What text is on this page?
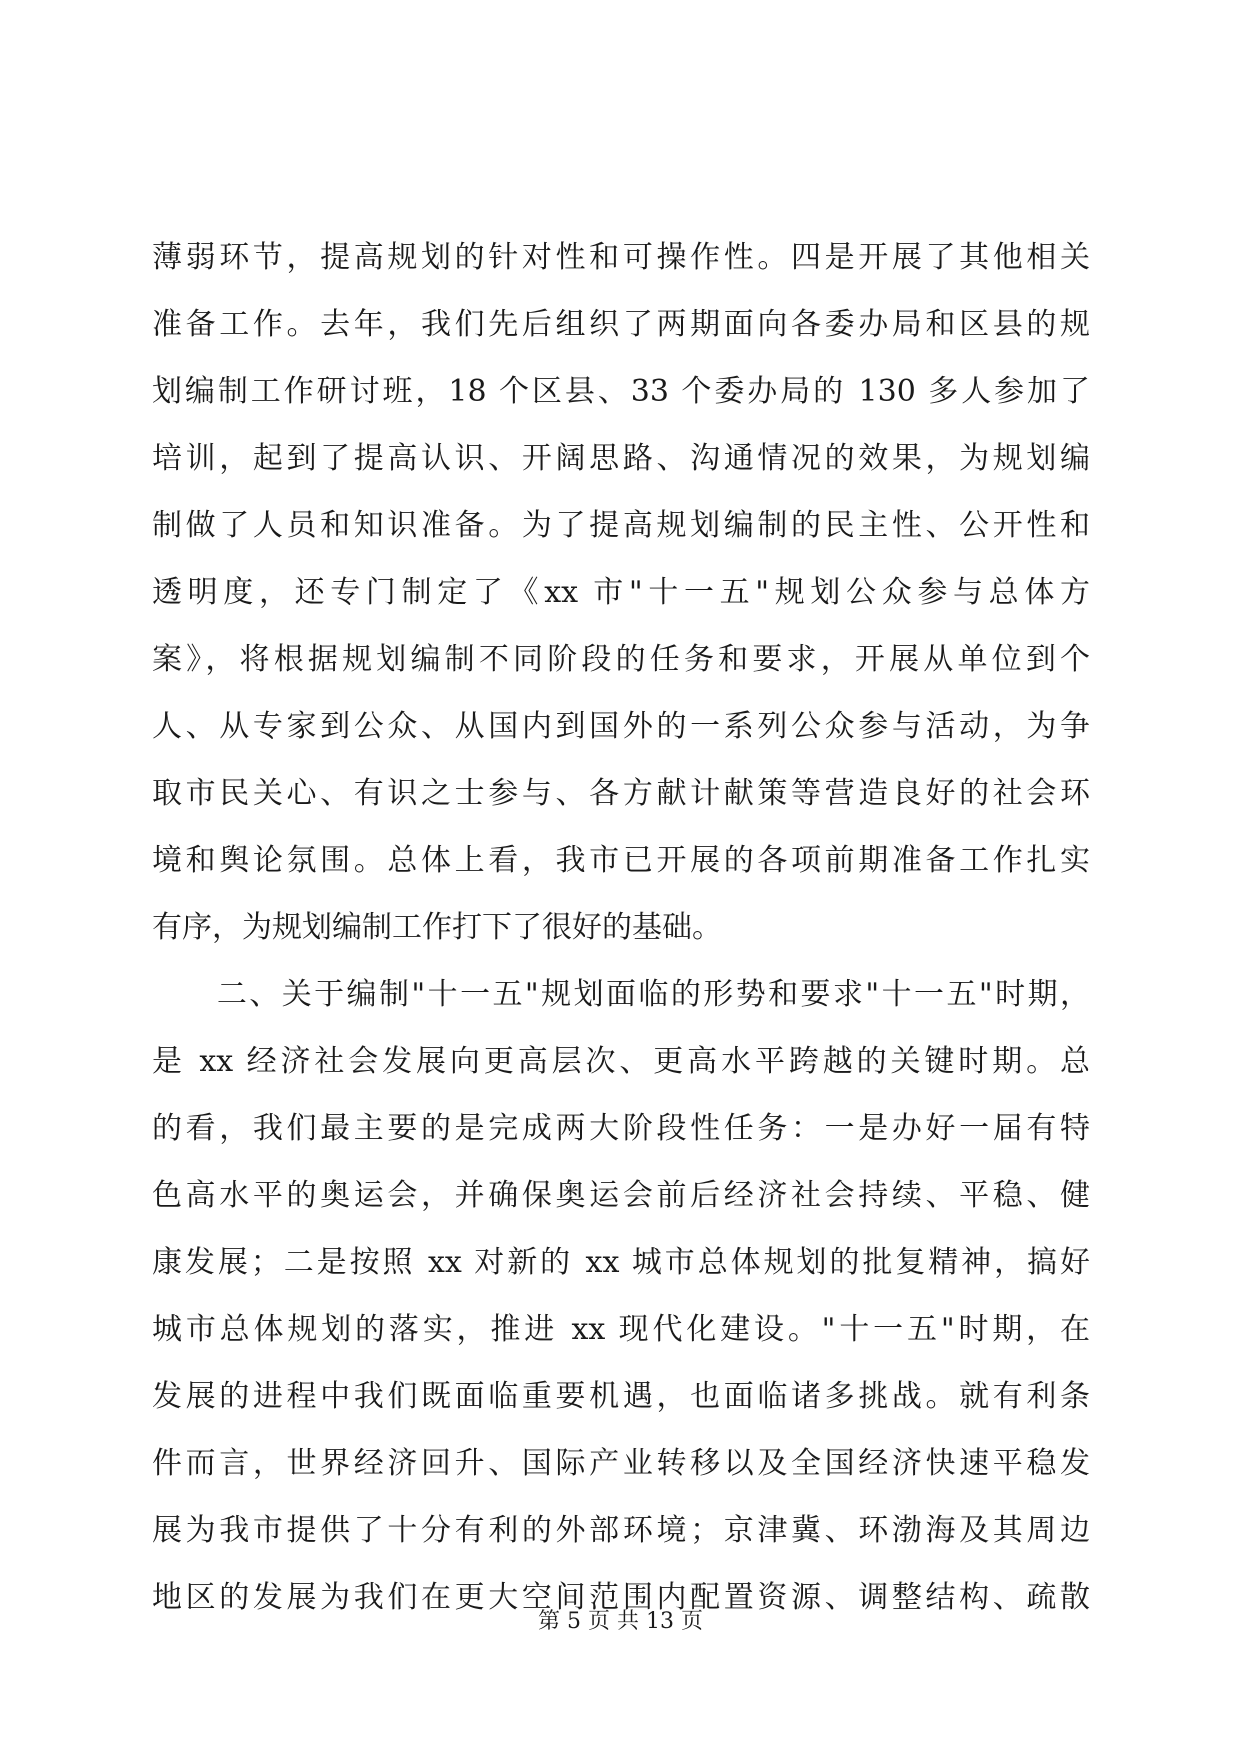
薄弱环节，提高规划的针对性和可操作性。四是开展了其他相关

准备工作。去年，我们先后组织了两期面向各委办局和区县的规

划编制工作研讨班，18 个区县、33 个委办局的 130 多人参加了

培训，起到了提高认识、开阔思路、沟通情况的效果，为规划编

制做了人员和知识准备。为了提高规划编制的民主性、公开性和

透明度，还专门制定了《xx 市"十一五"规划公众参与总体方

案》，将根据规划编制不同阶段的任务和要求，开展从单位到个

人、从专家到公众、从国内到国外的一系列公众参与活动，为争

取市民关心、有识之士参与、各方献计献策等营造良好的社会环

境和舆论氛围。总体上看，我市已开展的各项前期准备工作扎实

有序，为规划编制工作打下了很好的基础。

　　二、关于编制"十一五"规划面临的形势和要求"十一五"时期，

是 xx 经济社会发展向更高层次、更高水平跨越的关键时期。总

的看，我们最主要的是完成两大阶段性任务：一是办好一届有特

色高水平的奥运会，并确保奥运会前后经济社会持续、平稳、健

康发展；二是按照 xx 对新的 xx 城市总体规划的批复精神，搞好

城市总体规划的落实，推进 xx 现代化建设。"十一五"时期，在

发展的进程中我们既面临重要机遇，也面临诸多挑战。就有利条

件而言，世界经济回升、国际产业转移以及全国经济快速平稳发

展为我市提供了十分有利的外部环境；京津冀、环渤海及其周边

地区的发展为我们在更大空间范围内配置资源、调整结构、疏散

第 5 页 共 13 页
